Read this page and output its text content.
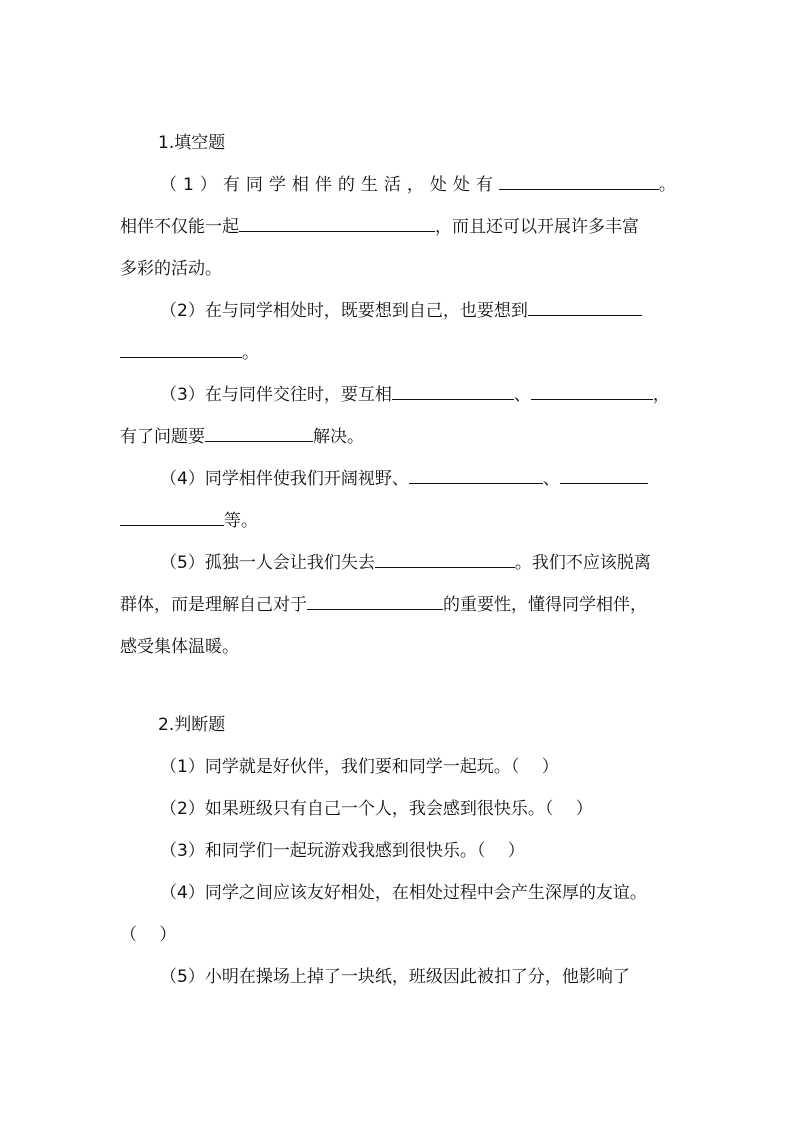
1.填空题
（1）有同学相伴的生活，处处有	。
相伴不仅能一起	，而且还可以开展许多丰富
多彩的活动。
（2）在与同学相处时，既要想到自己，也要想到
。
（3）在与同伴交往时，要互相	、	，
有了问题要	解决。
（4）同学相伴使我们开阔视野、	、
等。
（5）孤独一人会让我们失去	。我们不应该脱离
群体，而是理解自己对于	的重要性，懂得同学相伴，
感受集体温暖。
2.判断题
（1）同学就是好伙伴，我们要和同学一起玩。（　 ）
（2）如果班级只有自己一个人，我会感到很快乐。（　 ）
（3）和同学们一起玩游戏我感到很快乐。（　 ）
（4）同学之间应该友好相处，在相处过程中会产生深厚的友谊。
（　 ）
（5）小明在操场上掉了一块纸，班级因此被扣了分，他影响了
